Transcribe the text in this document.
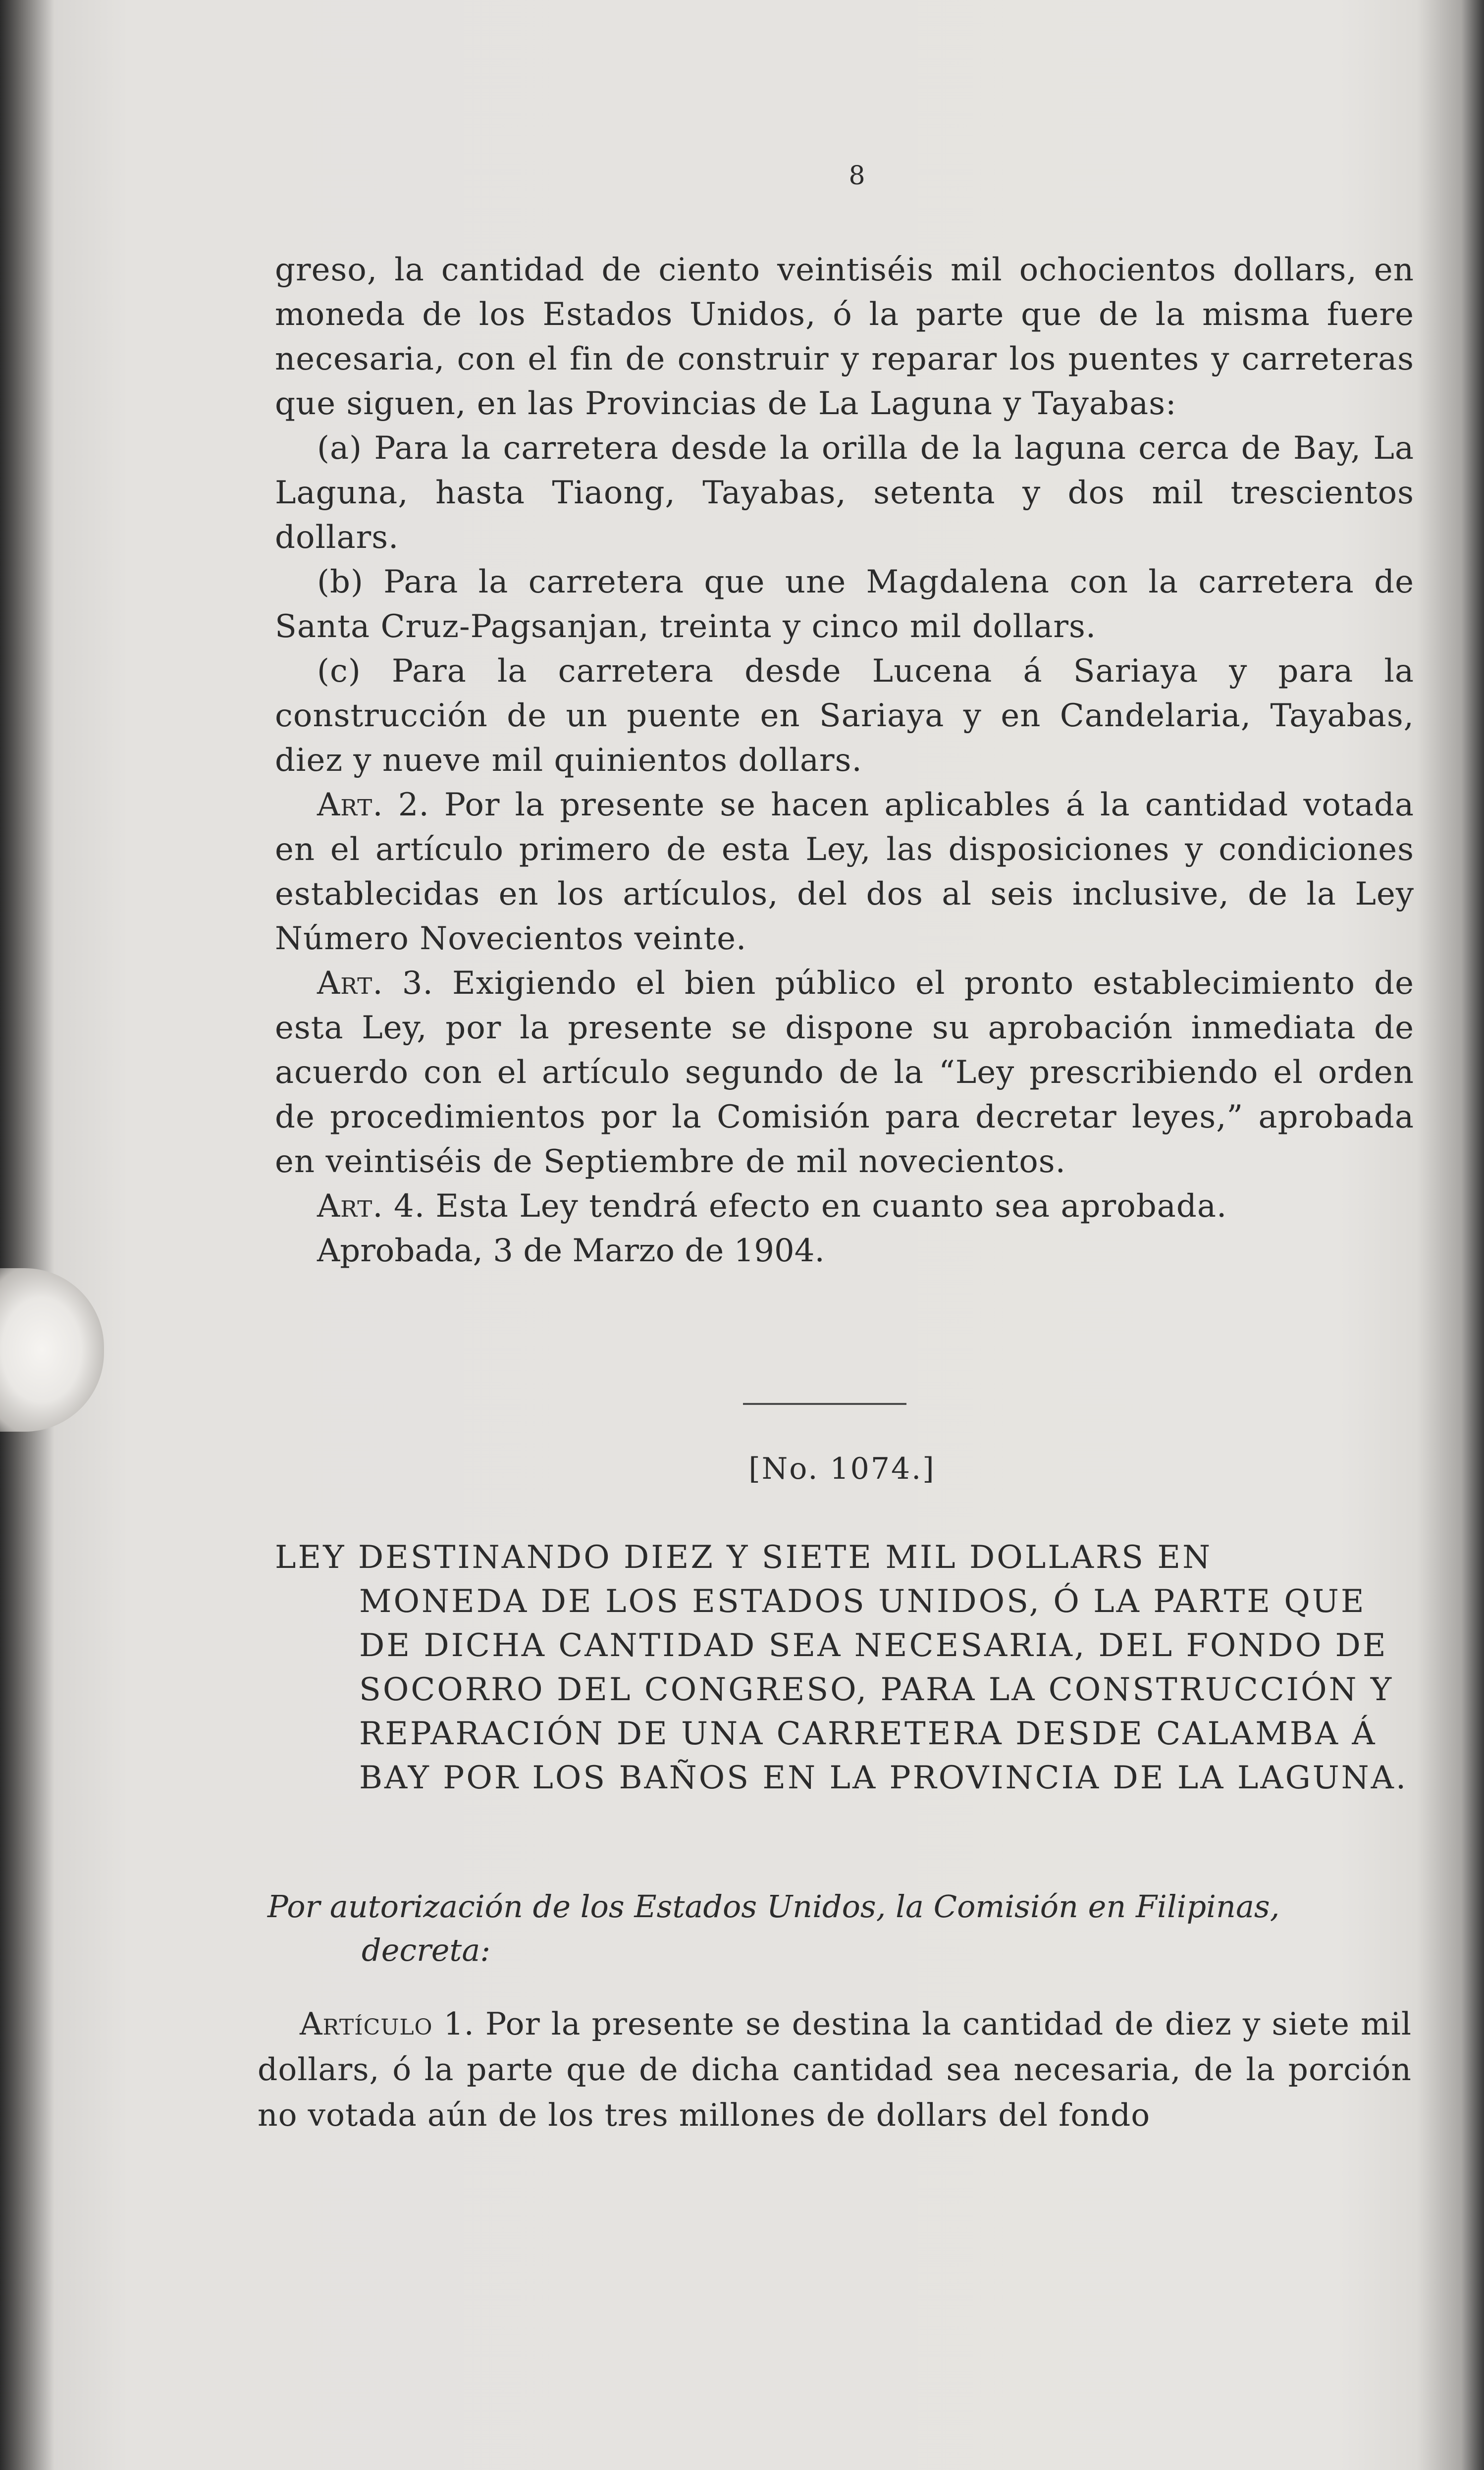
8

greso, la cantidad de ciento veintiséis mil ochocientos dollars, en moneda de los Estados Unidos, ó la parte que de la misma fuere necesaria, con el fin de construir y reparar los puentes y carreteras que siguen, en las Provincias de La Laguna y Tayabas:

(a) Para la carretera desde la orilla de la laguna cerca de Bay, La Laguna, hasta Tiaong, Tayabas, setenta y dos mil trescientos dollars.

(b) Para la carretera que une Magdalena con la carretera de Santa Cruz-Pagsanjan, treinta y cinco mil dollars.

(c) Para la carretera desde Lucena á Sariaya y para la construcción de un puente en Sariaya y en Candelaria, Tayabas, diez y nueve mil quinientos dollars.

Art. 2. Por la presente se hacen aplicables á la cantidad votada en el artículo primero de esta Ley, las disposiciones y condiciones establecidas en los artículos, del dos al seis inclusive, de la Ley Número Novecientos veinte.

Art. 3. Exigiendo el bien público el pronto establecimiento de esta Ley, por la presente se dispone su aprobación inmediata de acuerdo con el artículo segundo de la “Ley prescribiendo el orden de procedimientos por la Comisión para decretar leyes,” aprobada en veintiséis de Septiembre de mil novecientos.

Art. 4. Esta Ley tendrá efecto en cuanto sea aprobada.

Aprobada, 3 de Marzo de 1904.

[No. 1074.]

LEY DESTINANDO DIEZ Y SIETE MIL DOLLARS EN

MONEDA DE LOS ESTADOS UNIDOS, Ó LA PARTE QUE DE DICHA CANTIDAD SEA NECESARIA, DEL FONDO DE SOCORRO DEL CONGRESO, PARA LA CONSTRUCCIÓN Y REPARACIÓN DE UNA CARRETERA DESDE CALAMBA Á BAY POR LOS BAÑOS EN LA PROVINCIA DE LA LAGUNA.

Por autorización de los Estados Unidos, la Comisión en Filipinas,
decreta:

Artículo 1. Por la presente se destina la cantidad de diez y siete mil dollars, ó la parte que de dicha cantidad sea necesaria, de la porción no votada aún de los tres millones de dollars del fondo
